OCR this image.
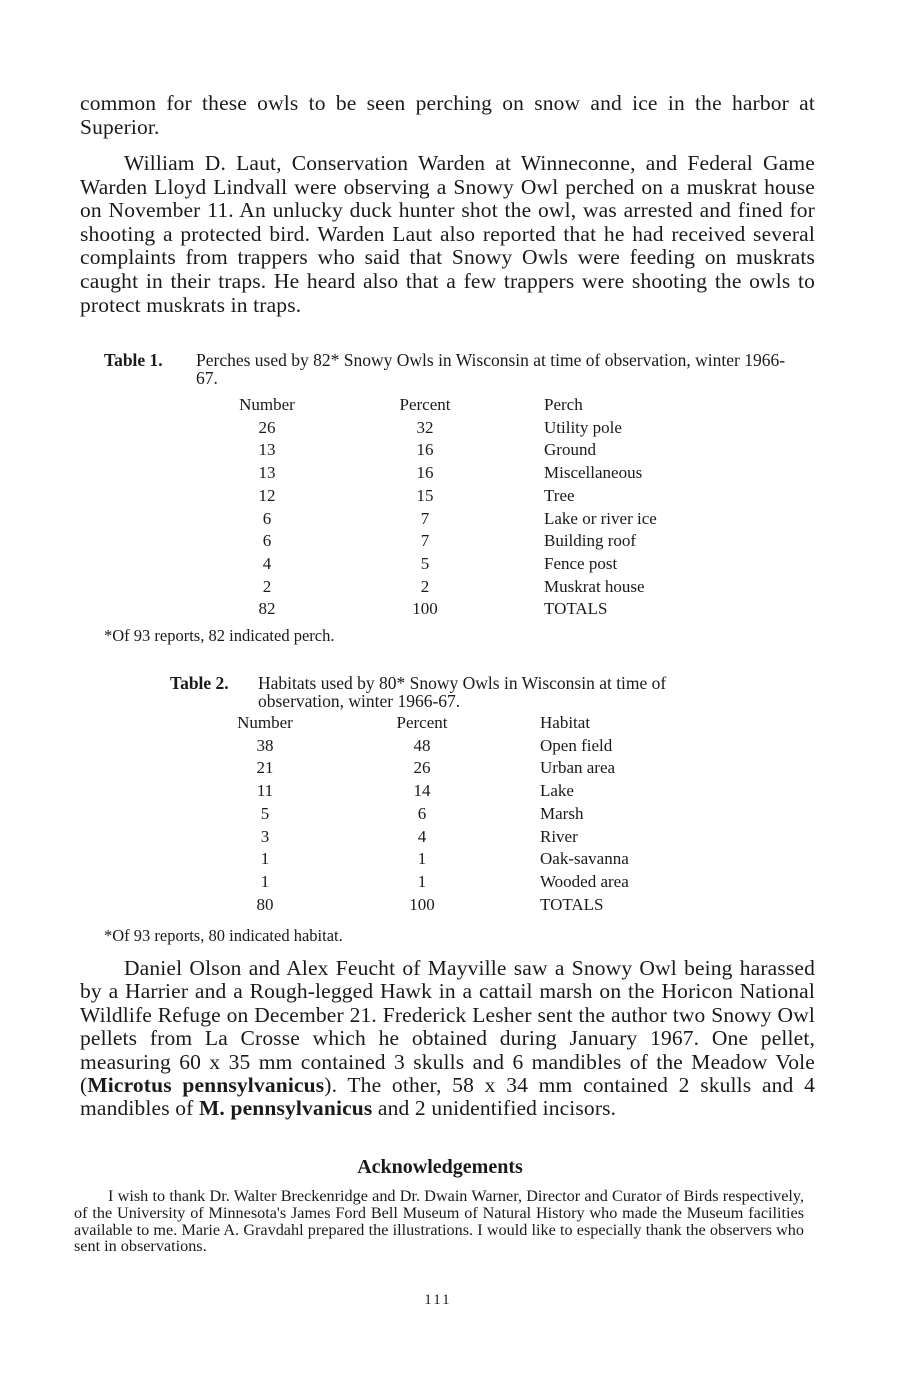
common for these owls to be seen perching on snow and ice in the harbor at Superior.

William D. Laut, Conservation Warden at Winneconne, and Federal Game Warden Lloyd Lindvall were observing a Snowy Owl perched on a muskrat house on November 11. An unlucky duck hunter shot the owl, was arrested and fined for shooting a protected bird. Warden Laut also reported that he had received several complaints from trappers who said that Snowy Owls were feeding on muskrats caught in their traps. He heard also that a few trappers were shooting the owls to protect muskrats in traps.

Table 1. Perches used by 82* Snowy Owls in Wisconsin at time of observation, winter 1966-67.
Number	Percent	Perch
26	32	Utility pole
13	16	Ground
13	16	Miscellaneous
12	15	Tree
6	7	Lake or river ice
6	7	Building roof
4	5	Fence post
2	2	Muskrat house
82	100	TOTALS

*Of 93 reports, 82 indicated perch.

Table 2. Habitats used by 80* Snowy Owls in Wisconsin at time of observation, winter 1966-67.
Number	Percent	Habitat
38	48	Open field
21	26	Urban area
11	14	Lake
5	6	Marsh
3	4	River
1	1	Oak-savanna
1	1	Wooded area
80	100	TOTALS

*Of 93 reports, 80 indicated habitat.

Daniel Olson and Alex Feucht of Mayville saw a Snowy Owl being harassed by a Harrier and a Rough-legged Hawk in a cattail marsh on the Horicon National Wildlife Refuge on December 21. Frederick Lesher sent the author two Snowy Owl pellets from La Crosse which he obtained during January 1967. One pellet, measuring 60 x 35 mm contained 3 skulls and 6 mandibles of the Meadow Vole (Microtus pennsylvanicus). The other, 58 x 34 mm contained 2 skulls and 4 mandibles of M. pennsylvanicus and 2 unidentified incisors.

Acknowledgements

I wish to thank Dr. Walter Breckenridge and Dr. Dwain Warner, Director and Curator of Birds respectively, of the University of Minnesota's James Ford Bell Museum of Natural History who made the Museum facilities available to me. Marie A. Gravdahl prepared the illustrations. I would like to especially thank the observers who sent in observations.

111
